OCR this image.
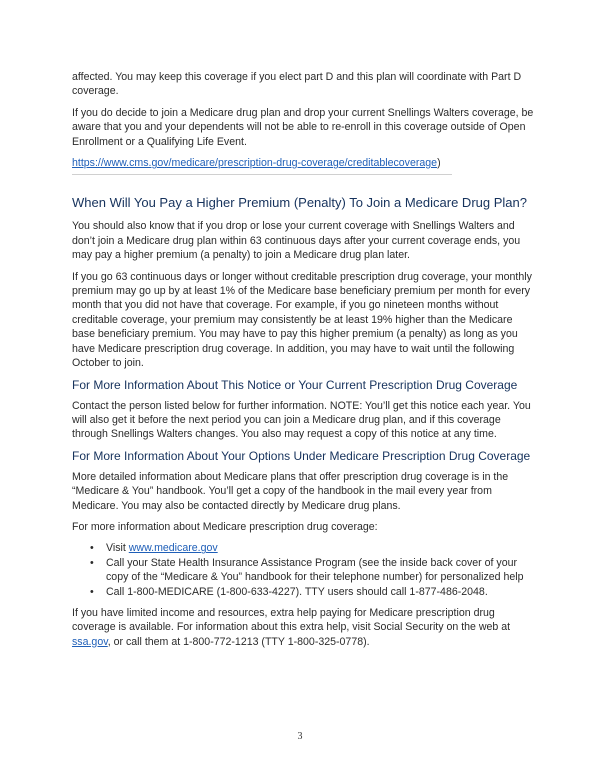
affected. You may keep this coverage if you elect part D and this plan will coordinate with Part D coverage.

If you do decide to join a Medicare drug plan and drop your current Snellings Walters coverage, be aware that you and your dependents will not be able to re-enroll in this coverage outside of Open Enrollment or a Qualifying Life Event.

https://www.cms.gov/medicare/prescription-drug-coverage/creditablecoverage)

When Will You Pay a Higher Premium (Penalty) To Join a Medicare Drug Plan?

You should also know that if you drop or lose your current coverage with Snellings Walters and don’t join a Medicare drug plan within 63 continuous days after your current coverage ends, you may pay a higher premium (a penalty) to join a Medicare drug plan later.

If you go 63 continuous days or longer without creditable prescription drug coverage, your monthly premium may go up by at least 1% of the Medicare base beneficiary premium per month for every month that you did not have that coverage. For example, if you go nineteen months without creditable coverage, your premium may consistently be at least 19% higher than the Medicare base beneficiary premium. You may have to pay this higher premium (a penalty) as long as you have Medicare prescription drug coverage. In addition, you may have to wait until the following October to join.

For More Information About This Notice or Your Current Prescription Drug Coverage

Contact the person listed below for further information. NOTE: You’ll get this notice each year. You will also get it before the next period you can join a Medicare drug plan, and if this coverage through Snellings Walters changes. You also may request a copy of this notice at any time.

For More Information About Your Options Under Medicare Prescription Drug Coverage

More detailed information about Medicare plans that offer prescription drug coverage is in the “Medicare & You” handbook. You’ll get a copy of the handbook in the mail every year from Medicare. You may also be contacted directly by Medicare drug plans.

For more information about Medicare prescription drug coverage:

• Visit www.medicare.gov
• Call your State Health Insurance Assistance Program (see the inside back cover of your copy of the “Medicare & You” handbook for their telephone number) for personalized help
• Call 1-800-MEDICARE (1-800-633-4227). TTY users should call 1-877-486-2048.

If you have limited income and resources, extra help paying for Medicare prescription drug coverage is available. For information about this extra help, visit Social Security on the web at ssa.gov, or call them at 1-800-772-1213 (TTY 1-800-325-0778).

3
